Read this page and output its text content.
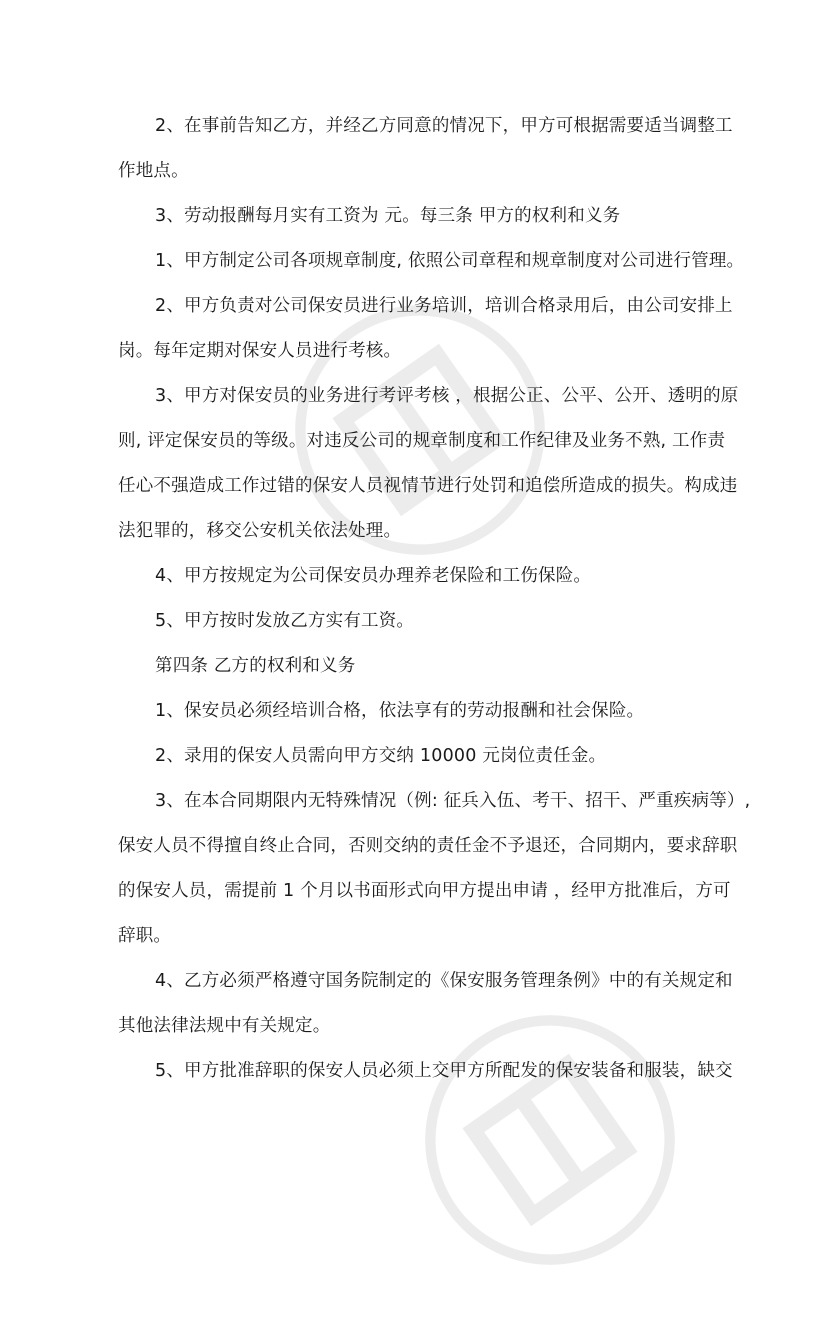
2、在事前告知乙方，并经乙方同意的情况下，甲方可根据需要适当调整工
作地点。
3、劳动报酬每月实有工资为 元。每三条 甲方的权利和义务
1、甲方制定公司各项规章制度, 依照公司章程和规章制度对公司进行管理。
2、甲方负责对公司保安员进行业务培训，培训合格录用后，由公司安排上
岗。每年定期对保安人员进行考核。
3、甲方对保安员的业务进行考评考核 ，根据公正、公平、公开、透明的原
则, 评定保安员的等级。对违反公司的规章制度和工作纪律及业务不熟, 工作责
任心不强造成工作过错的保安人员视情节进行处罚和追偿所造成的损失。构成违
法犯罪的，移交公安机关依法处理。
4、甲方按规定为公司保安员办理养老保险和工伤保险。
5、甲方按时发放乙方实有工资。
第四条 乙方的权利和义务
1、保安员必须经培训合格，依法享有的劳动报酬和社会保险。
2、录用的保安人员需向甲方交纳 10000 元岗位责任金。
3、在本合同期限内无特殊情况（例: 征兵入伍、考干、招干、严重疾病等）,
保安人员不得擅自终止合同，否则交纳的责任金不予退还，合同期内，要求辞职
的保安人员，需提前 1 个月以书面形式向甲方提出申请 ，经甲方批准后，方可
辞职。
4、乙方必须严格遵守国务院制定的《保安服务管理条例》中的有关规定和
其他法律法规中有关规定。
5、甲方批准辞职的保安人员必须上交甲方所配发的保安装备和服装，缺交
